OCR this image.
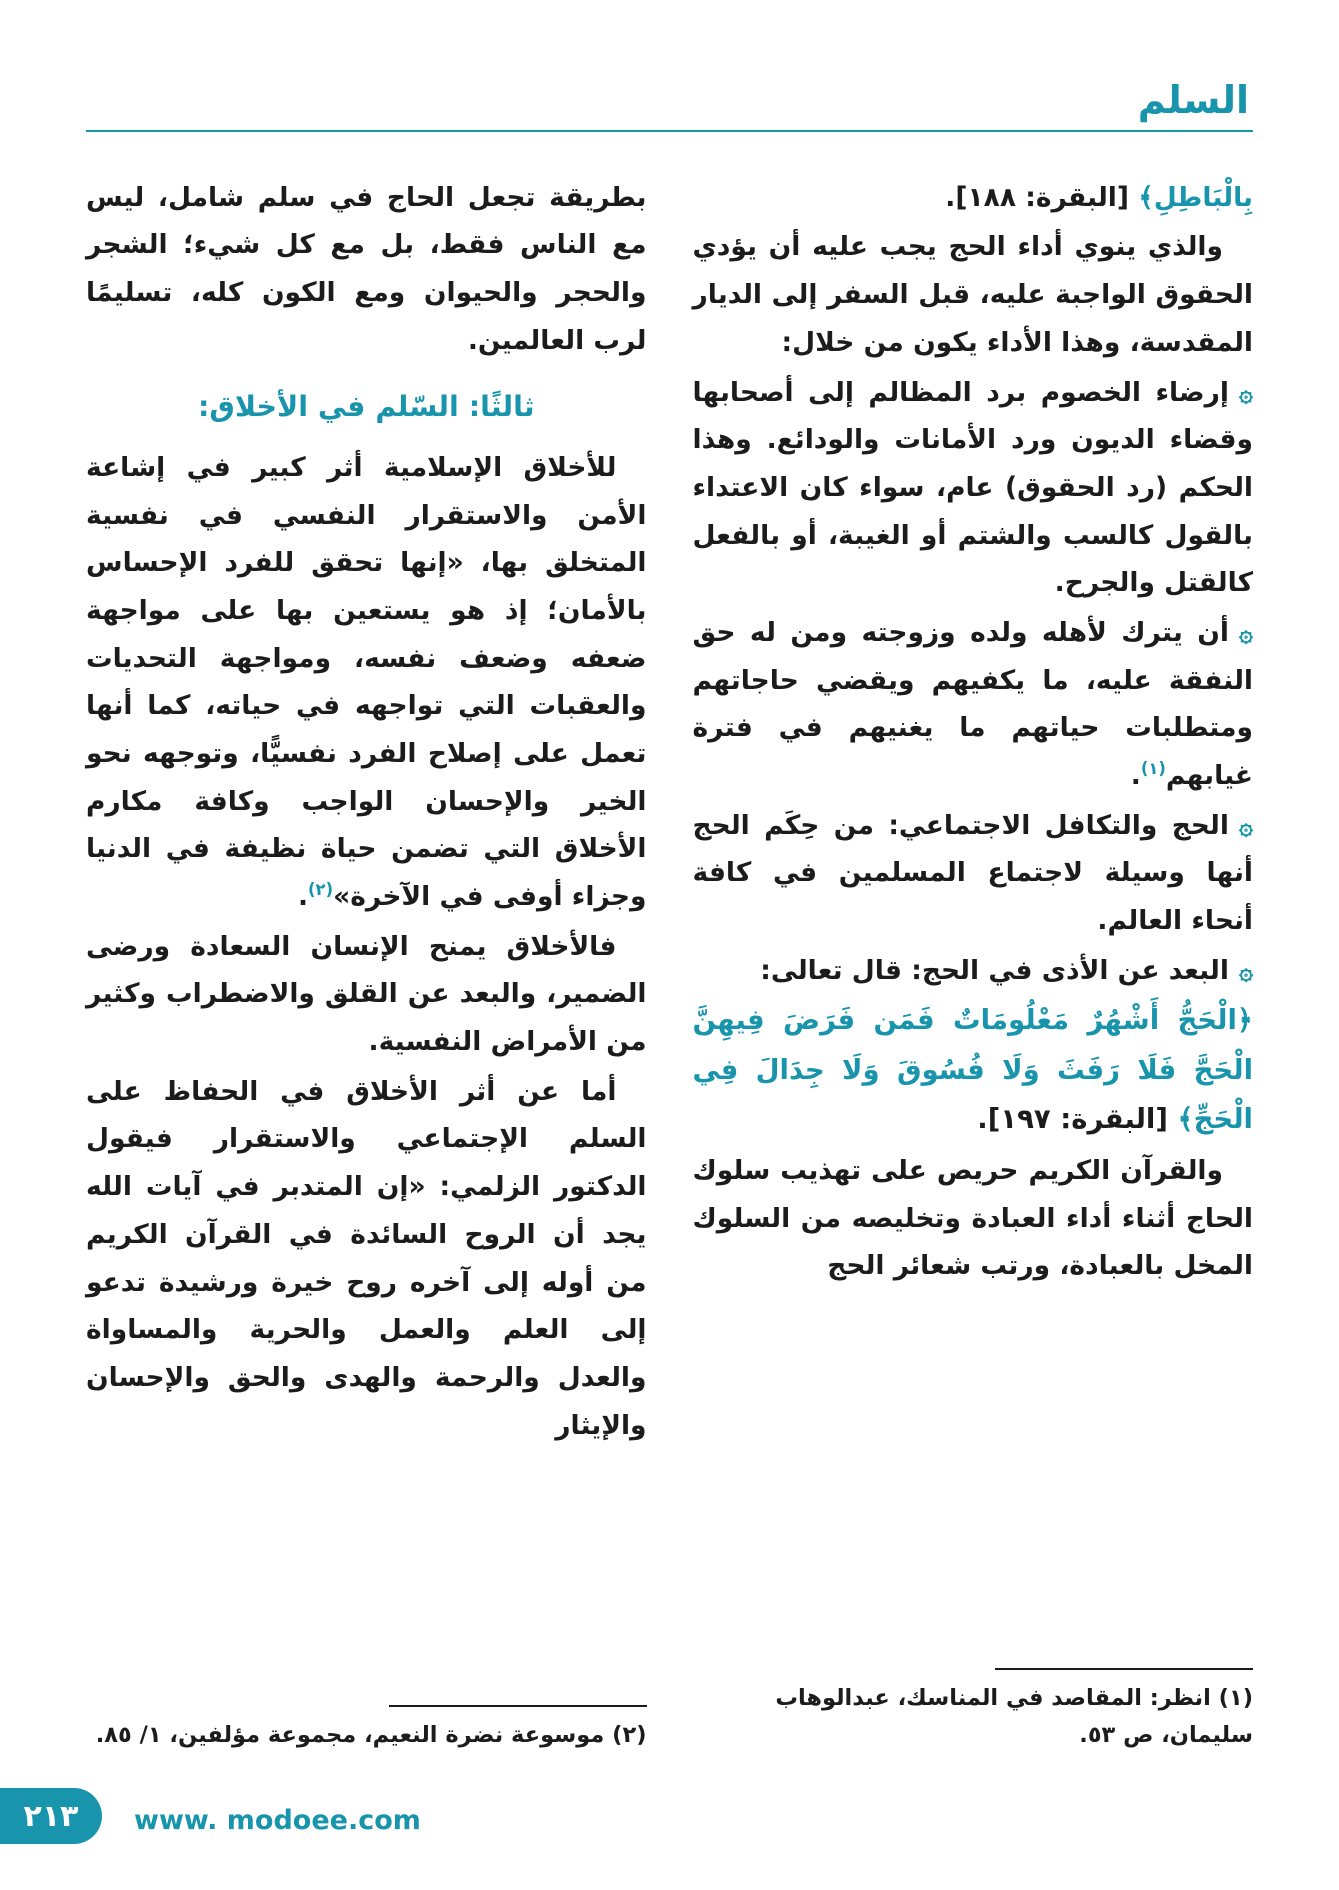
السلم

بِالْبَاطِلِ﴾ [البقرة: ١٨٨].

والذي ينوي أداء الحج يجب عليه أن يؤدي الحقوق الواجبة عليه، قبل السفر إلى الديار المقدسة، وهذا الأداء يكون من خلال:

۞إرضاء الخصوم برد المظالم إلى أصحابها وقضاء الديون ورد الأمانات والودائع. وهذا الحكم (رد الحقوق) عام، سواء كان الاعتداء بالقول كالسب والشتم أو الغيبة، أو بالفعل كالقتل والجرح.
۞أن يترك لأهله ولده وزوجته ومن له حق النفقة عليه، ما يكفيهم ويقضي حاجاتهم ومتطلبات حياتهم ما يغنيهم في فترة غيابهم$^{(١)}$.
۞الحج والتكافل الاجتماعي: من حِكَم الحج أنها وسيلة لاجتماع المسلمين في كافة أنحاء العالم.
۞البعد عن الأذى في الحج: قال تعالى:

﴿الْحَجُّ أَشْهُرٌ مَعْلُومَاتٌ فَمَن فَرَضَ فِيهِنَّ الْحَجَّ فَلَا رَفَثَ وَلَا فُسُوقَ وَلَا جِدَالَ فِي الْحَجِّ﴾ [البقرة: ١٩٧].

والقرآن الكريم حريص على تهذيب سلوك الحاج أثناء أداء العبادة وتخليصه من السلوك المخل بالعبادة، ورتب شعائر الحج

(١) انظر: المقاصد في المناسك، عبدالوهاب سليمان، ص ٥٣.

بطريقة تجعل الحاج في سلم شامل، ليس مع الناس فقط، بل مع كل شيء؛ الشجر والحجر والحيوان ومع الكون كله، تسليمًا لرب العالمين.

ثالثًا: السّلم في الأخلاق:

للأخلاق الإسلامية أثر كبير في إشاعة الأمن والاستقرار النفسي في نفسية المتخلق بها، «إنها تحقق للفرد الإحساس بالأمان؛ إذ هو يستعين بها على مواجهة ضعفه وضعف نفسه، ومواجهة التحديات والعقبات التي تواجهه في حياته، كما أنها تعمل على إصلاح الفرد نفسيًّا، وتوجهه نحو الخير والإحسان الواجب وكافة مكارم الأخلاق التي تضمن حياة نظيفة في الدنيا وجزاء أوفى في الآخرة»$^{(٢)}$.

فالأخلاق يمنح الإنسان السعادة ورضى الضمير، والبعد عن القلق والاضطراب وكثير من الأمراض النفسية.

أما عن أثر الأخلاق في الحفاظ على السلم الإجتماعي والاستقرار فيقول الدكتور الزلمي: «إن المتدبر في آيات الله يجد أن الروح السائدة في القرآن الكريم من أوله إلى آخره روح خيرة ورشيدة تدعو إلى العلم والعمل والحرية والمساواة والعدل والرحمة والهدى والحق والإحسان والإيثار

(٢) موسوعة نضرة النعيم، مجموعة مؤلفين، ١/ ٨٥.

٢١٣ www. modoee.com
